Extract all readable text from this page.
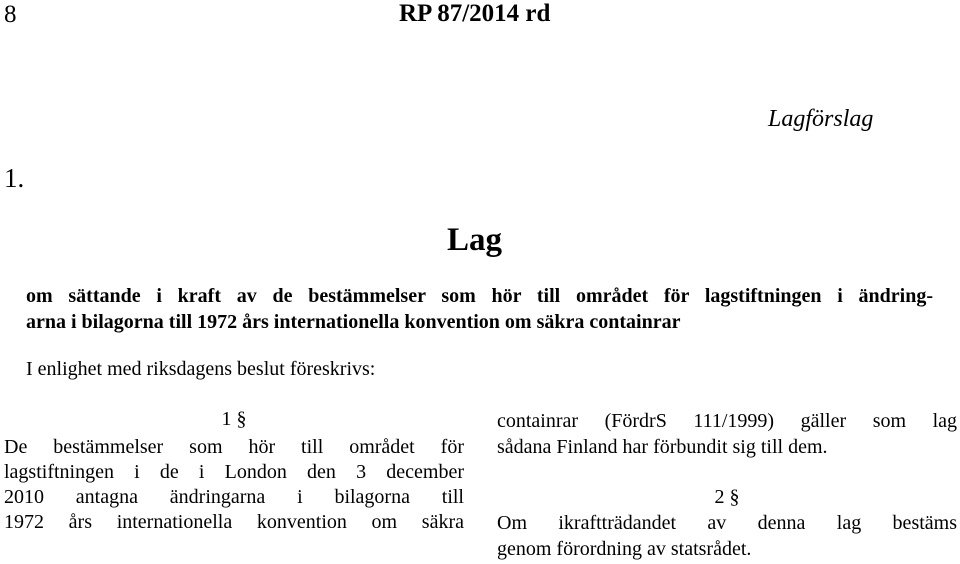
8	RP 87/2014 rd
Lagförslag
1.
Lag
om sättande i kraft av de bestämmelser som hör till området för lagstiftningen i ändring-
arna i bilagorna till 1972 års internationella konvention om säkra containrar
I enlighet med riksdagens beslut föreskrivs:
1 §
De bestämmelser som hör till området för
lagstiftningen i de i London den 3 december
2010 antagna ändringarna i bilagorna till
1972 års internationella konvention om säkra
containrar (FördrS 111/1999) gäller som lag
sådana Finland har förbundit sig till dem.
2 §
Om ikraftträdandet av denna lag bestäms
genom förordning av statsrådet.
